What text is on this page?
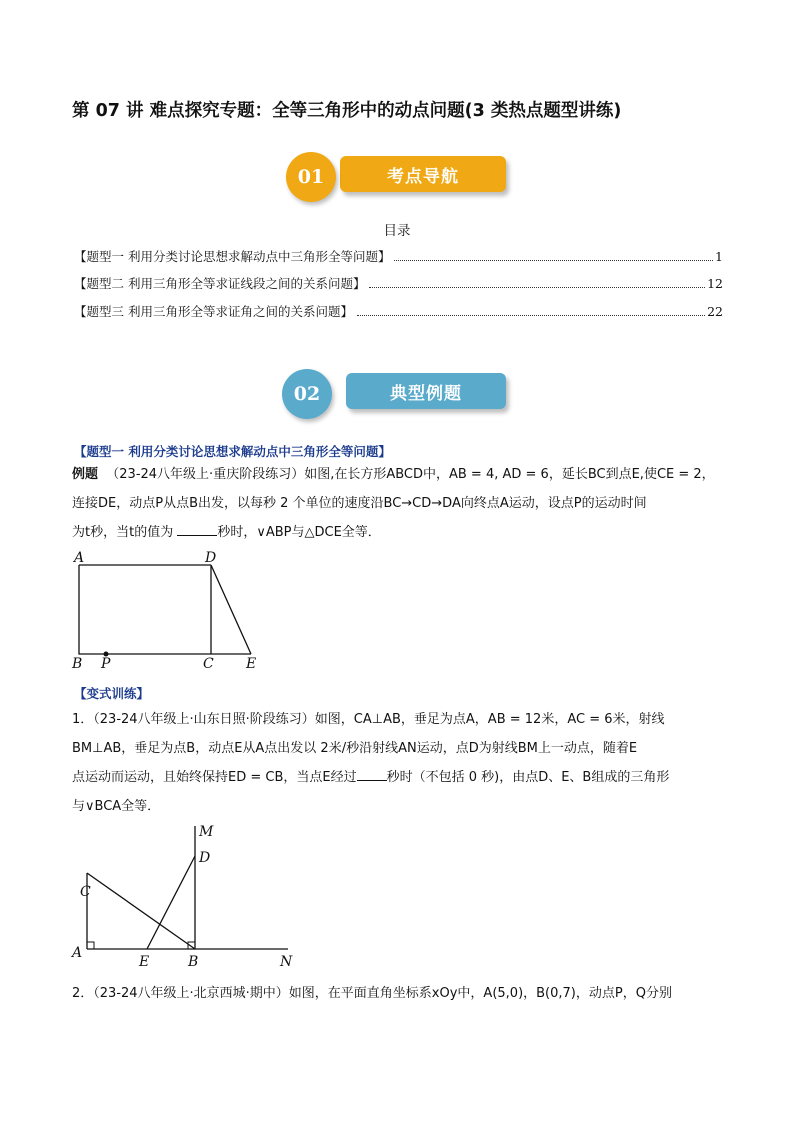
第 07 讲 难点探究专题：全等三角形中的动点问题(3 类热点题型讲练)
01	考点导航
目录
【题型一 利用分类讨论思想求解动点中三角形全等问题】	1
【题型二 利用三角形全等求证线段之间的关系问题】	12
【题型三 利用三角形全等求证角之间的关系问题】	22
02	典型例题
【题型一 利用分类讨论思想求解动点中三角形全等问题】
例题 （23-24八年级上·重庆阶段练习）如图,在长方形ABCD中，AB = 4, AD = 6，延长BC到点E,使CE = 2，
连接DE，动点P从点B出发，以每秒 2 个单位的速度沿BC→CD→DA向终点A运动，设点P的运动时间
为t秒，当t的值为	秒时，∨ABP与△DCE全等．
A	D
B P	C E
【变式训练】
1．（23-24八年级上·山东日照·阶段练习）如图，CA⊥AB，垂足为点A，AB = 12米，AC = 6米，射线
BM⊥AB，垂足为点B，动点E从A点出发以 2米/秒沿射线AN运动，点D为射线BM上一动点，随着E
点运动而运动，且始终保持ED = CB，当点E经过 秒时（不包括 0 秒)，由点D、E、B组成的三角形
与∨BCA全等．
M
D
C
A
E	B	N
2．（23-24八年级上·北京西城·期中）如图，在平面直角坐标系xOy中，A(5,0)，B(0,7)，动点P，Q分别
